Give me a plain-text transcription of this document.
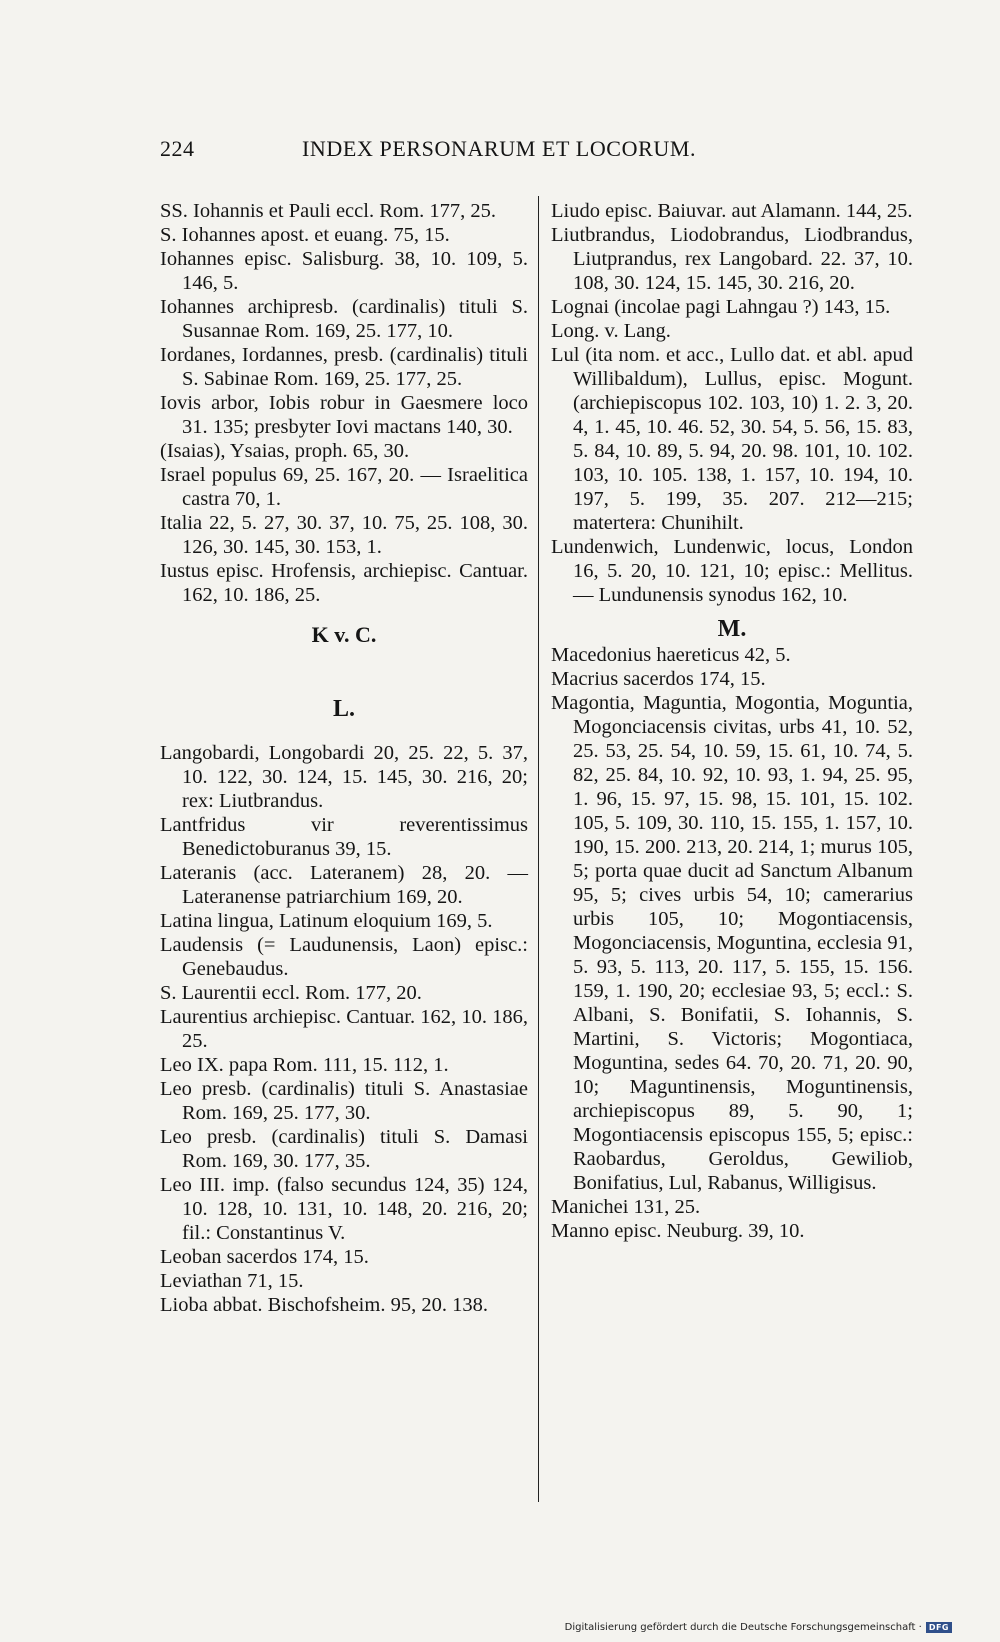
224	INDEX PERSONARUM ET LOCORUM.

SS. Iohannis et Pauli eccl. Rom. 177, 25.

S. Iohannes apost. et euang. 75, 15.

Iohannes episc. Salisburg. 38, 10. 109, 5. 146, 5.

Iohannes archipresb. (cardinalis) tituli S. Susannae Rom. 169, 25. 177, 10.

Iordanes, Iordannes, presb. (cardinalis) tituli S. Sabinae Rom. 169, 25. 177, 25.

Iovis arbor, Iobis robur in Gaesmere loco 31. 135; presbyter Iovi mactans 140, 30.

(Isaias), Ysaias, proph. 65, 30.

Israel populus 69, 25. 167, 20. — Israelitica castra 70, 1.

Italia 22, 5. 27, 30. 37, 10. 75, 25. 108, 30. 126, 30. 145, 30. 153, 1.

Iustus episc. Hrofensis, archiepisc. Cantuar. 162, 10. 186, 25.

K v. C.

L.

Langobardi, Longobardi 20, 25. 22, 5. 37, 10. 122, 30. 124, 15. 145, 30. 216, 20; rex: Liutbrandus.

Lantfridus vir reverentissimus Benedictoburanus 39, 15.

Lateranis (acc. Lateranem) 28, 20. — Lateranense patriarchium 169, 20.

Latina lingua, Latinum eloquium 169, 5.

Laudensis (= Laudunensis, Laon) episc.: Genebaudus.

S. Laurentii eccl. Rom. 177, 20.

Laurentius archiepisc. Cantuar. 162, 10. 186, 25.

Leo IX. papa Rom. 111, 15. 112, 1.

Leo presb. (cardinalis) tituli S. Anastasiae Rom. 169, 25. 177, 30.

Leo presb. (cardinalis) tituli S. Damasi Rom. 169, 30. 177, 35.

Leo III. imp. (falso secundus 124, 35) 124, 10. 128, 10. 131, 10. 148, 20. 216, 20; fil.: Constantinus V.

Leoban sacerdos 174, 15.

Leviathan 71, 15.

Lioba abbat. Bischofsheim. 95, 20. 138.

Liudo episc. Baiuvar. aut Alamann. 144, 25.

Liutbrandus, Liodobrandus, Liodbrandus, Liutprandus, rex Langobard. 22. 37, 10. 108, 30. 124, 15. 145, 30. 216, 20.

Lognai (incolae pagi Lahngau ?) 143, 15.

Long. v. Lang.

Lul (ita nom. et acc., Lullo dat. et abl. apud Willibaldum), Lullus, episc. Mogunt. (archiepiscopus 102. 103, 10) 1. 2. 3, 20. 4, 1. 45, 10. 46. 52, 30. 54, 5. 56, 15. 83, 5. 84, 10. 89, 5. 94, 20. 98. 101, 10. 102. 103, 10. 105. 138, 1. 157, 10. 194, 10. 197, 5. 199, 35. 207. 212—215; matertera: Chunihilt.

Lundenwich, Lundenwic, locus, London 16, 5. 20, 10. 121, 10; episc.: Mellitus. — Lundunensis synodus 162, 10.

M.

Macedonius haereticus 42, 5.

Macrius sacerdos 174, 15.

Magontia, Maguntia, Mogontia, Moguntia, Mogonciacensis civitas, urbs 41, 10. 52, 25. 53, 25. 54, 10. 59, 15. 61, 10. 74, 5. 82, 25. 84, 10. 92, 10. 93, 1. 94, 25. 95, 1. 96, 15. 97, 15. 98, 15. 101, 15. 102. 105, 5. 109, 30. 110, 15. 155, 1. 157, 10. 190, 15. 200. 213, 20. 214, 1; murus 105, 5; porta quae ducit ad Sanctum Albanum 95, 5; cives urbis 54, 10; camerarius urbis 105, 10; Mogontiacensis, Mogonciacensis, Moguntina, ecclesia 91, 5. 93, 5. 113, 20. 117, 5. 155, 15. 156. 159, 1. 190, 20; ecclesiae 93, 5; eccl.: S. Albani, S. Bonifatii, S. Iohannis, S. Martini, S. Victoris; Mogontiaca, Moguntina, sedes 64. 70, 20. 71, 20. 90, 10; Maguntinensis, Moguntinensis, archiepiscopus 89, 5. 90, 1; Mogontiacensis episcopus 155, 5; episc.: Raobardus, Geroldus, Gewiliob, Bonifatius, Lul, Rabanus, Willigisus.

Manichei 131, 25.

Manno episc. Neuburg. 39, 10.

Digitalisierung gefördert durch die Deutsche Forschungsgemeinschaft · DFG
